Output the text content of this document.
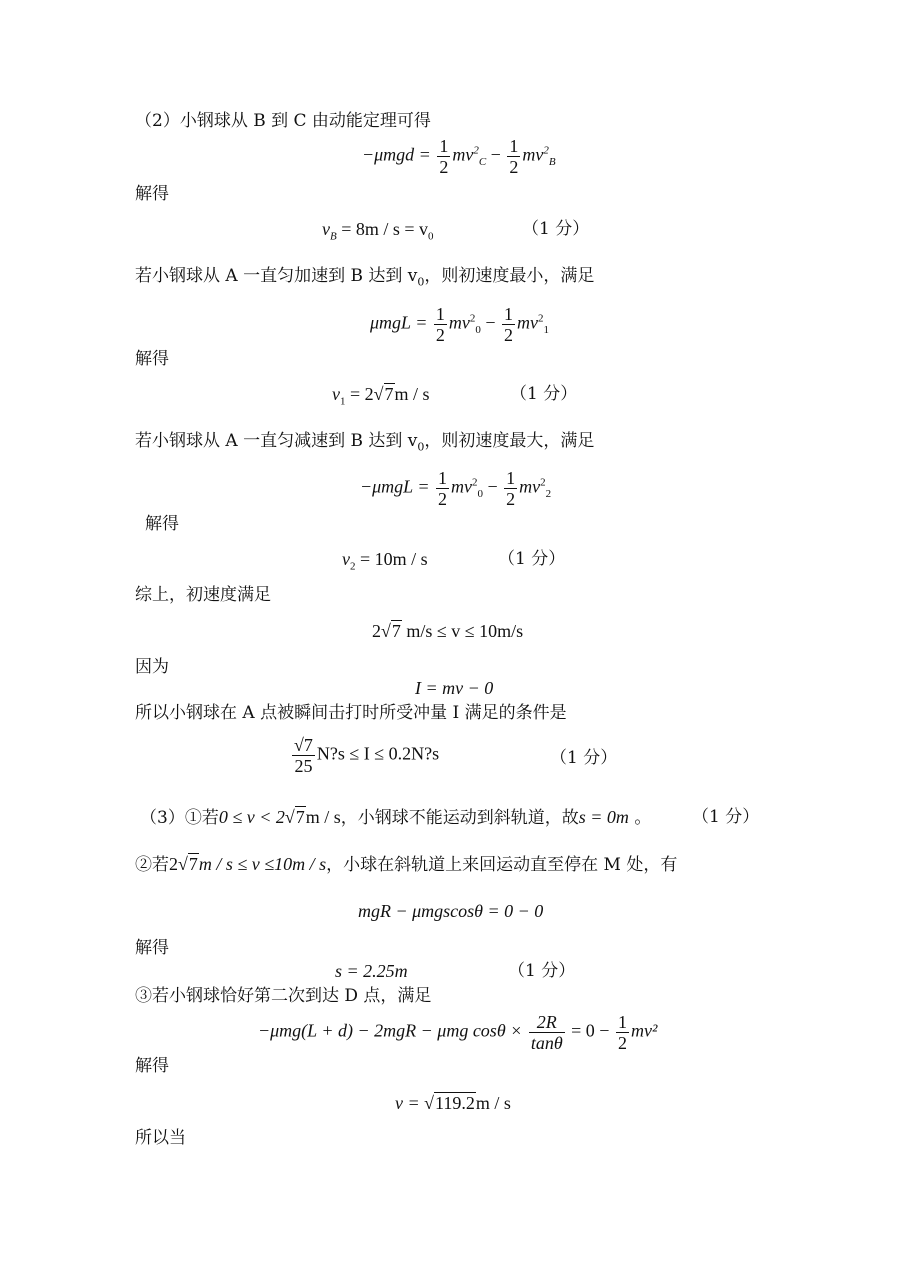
（2）小钢球从 B 到 C 由动能定理可得
$-\mu mgd = \frac{1}{2} mv^2_C - \frac{1}{2} mv^2_B$
解得
$v_B = 8m / s = v_0$	（1 分）
若小钢球从 A 一直匀加速到 B 达到 $v_0$，则初速度最小，满足
$\mu mgL = \frac{1}{2} mv^2_0 - \frac{1}{2} mv^2_1$
解得
$v_1 = 2√7m / s$	（1 分）
若小钢球从 A 一直匀减速到 B 达到 $v_0$，则初速度最大，满足
$-\mu mgL = \frac{1}{2} mv^2_0 - \frac{1}{2} mv^2_2$
解得
$v_2 = 10m / s$	（1 分）
综上，初速度满足
2√7 m/s ≤ v ≤ 10m/s
因为
I = mv − 0
所以小钢球在 A 点被瞬间击打时所受冲量 I 满足的条件是
$\frac{√7}{25}$ N?s ≤ I ≤ 0.2N?s	（1 分）
（3）①若0 ≤ v < 2√7m / s，小钢球不能运动到斜轨道，故s = 0m 。 （1 分）
②若2√7m / s ≤ v ≤10m / s，小球在斜轨道上来回运动直至停在 M 处，有
mgR − μmgscosθ = 0 − 0
解得
s = 2.25m	（1 分）
③若小钢球恰好第二次到达 D 点，满足
−μmg(L + d) − 2mgR − μmg $\cos\theta \times \frac{2R}{\tan\theta} = 0 - \frac{1}{2} mv^2$
解得
v = √119.2m / s
所以当
